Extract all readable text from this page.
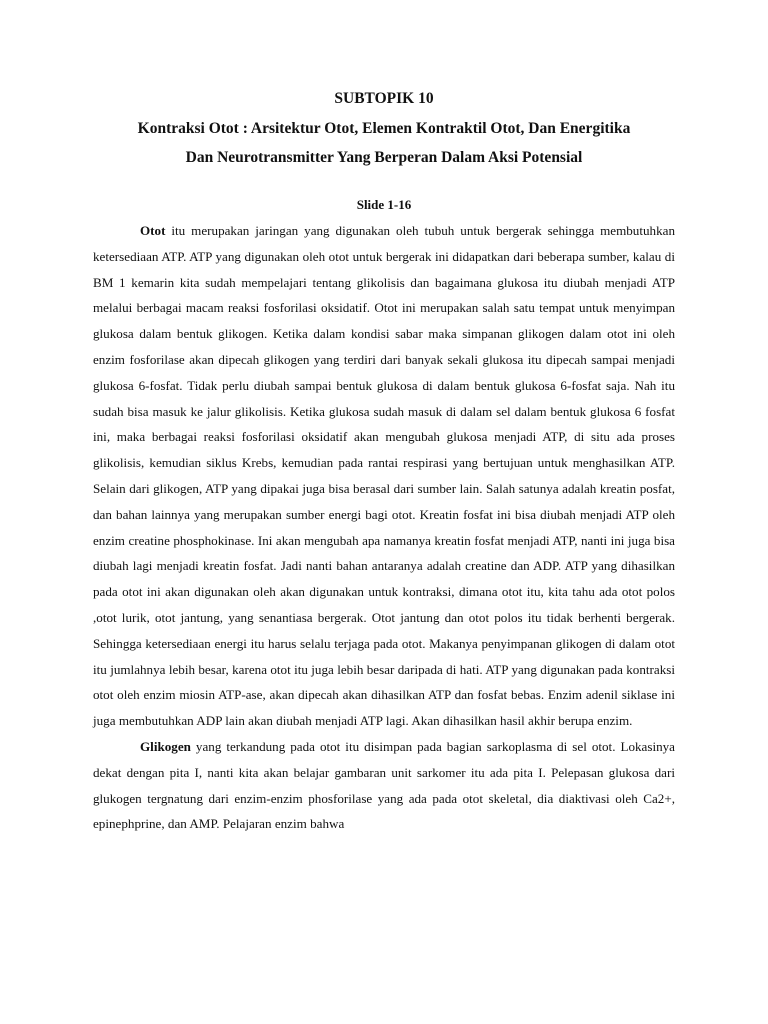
SUBTOPIK 10

Kontraksi Otot : Arsitektur Otot, Elemen Kontraktil Otot, Dan Energitika

Dan Neurotransmitter Yang Berperan Dalam Aksi Potensial

Slide 1-16

Otot itu merupakan jaringan yang digunakan oleh tubuh untuk bergerak sehingga membutuhkan ketersediaan ATP. ATP yang digunakan oleh otot untuk bergerak ini didapatkan dari beberapa sumber, kalau di BM 1 kemarin kita sudah mempelajari tentang glikolisis dan bagaimana glukosa itu diubah menjadi ATP melalui berbagai macam reaksi fosforilasi oksidatif. Otot ini merupakan salah satu tempat untuk menyimpan glukosa dalam bentuk glikogen. Ketika dalam kondisi sabar maka simpanan glikogen dalam otot ini oleh enzim fosforilase akan dipecah glikogen yang terdiri dari banyak sekali glukosa itu dipecah sampai menjadi glukosa 6-fosfat. Tidak perlu diubah sampai bentuk glukosa di dalam bentuk glukosa 6-fosfat saja. Nah itu sudah bisa masuk ke jalur glikolisis. Ketika glukosa sudah masuk di dalam sel dalam bentuk glukosa 6 fosfat ini, maka berbagai reaksi fosforilasi oksidatif akan mengubah glukosa menjadi ATP, di situ ada proses glikolisis, kemudian siklus Krebs, kemudian pada rantai respirasi yang bertujuan untuk menghasilkan ATP. Selain dari glikogen, ATP yang dipakai juga bisa berasal dari sumber lain. Salah satunya adalah kreatin posfat, dan bahan lainnya yang merupakan sumber energi bagi otot. Kreatin fosfat ini bisa diubah menjadi ATP oleh enzim creatine phosphokinase. Ini akan mengubah apa namanya kreatin fosfat menjadi ATP, nanti ini juga bisa diubah lagi menjadi kreatin fosfat. Jadi nanti bahan antaranya adalah creatine dan ADP. ATP yang dihasilkan pada otot ini akan digunakan oleh akan digunakan untuk kontraksi, dimana otot itu, kita tahu ada otot polos ,otot lurik, otot jantung, yang senantiasa bergerak. Otot jantung dan otot polos itu tidak berhenti bergerak. Sehingga ketersediaan energi itu harus selalu terjaga pada otot. Makanya penyimpanan glikogen di dalam otot itu jumlahnya lebih besar, karena otot itu juga lebih besar daripada di hati. ATP yang digunakan pada kontraksi otot oleh enzim miosin ATP-ase, akan dipecah akan dihasilkan ATP dan fosfat bebas. Enzim adenil siklase ini juga membutuhkan ADP lain akan diubah menjadi ATP lagi. Akan dihasilkan hasil akhir berupa enzim.

Glikogen yang terkandung pada otot itu disimpan pada bagian sarkoplasma di sel otot. Lokasinya dekat dengan pita I, nanti kita akan belajar gambaran unit sarkomer itu ada pita I. Pelepasan glukosa dari glukogen tergnatung dari enzim-enzim phosforilase yang ada pada otot skeletal, dia diaktivasi oleh Ca2+, epinephprine, dan AMP. Pelajaran enzim bahwa
